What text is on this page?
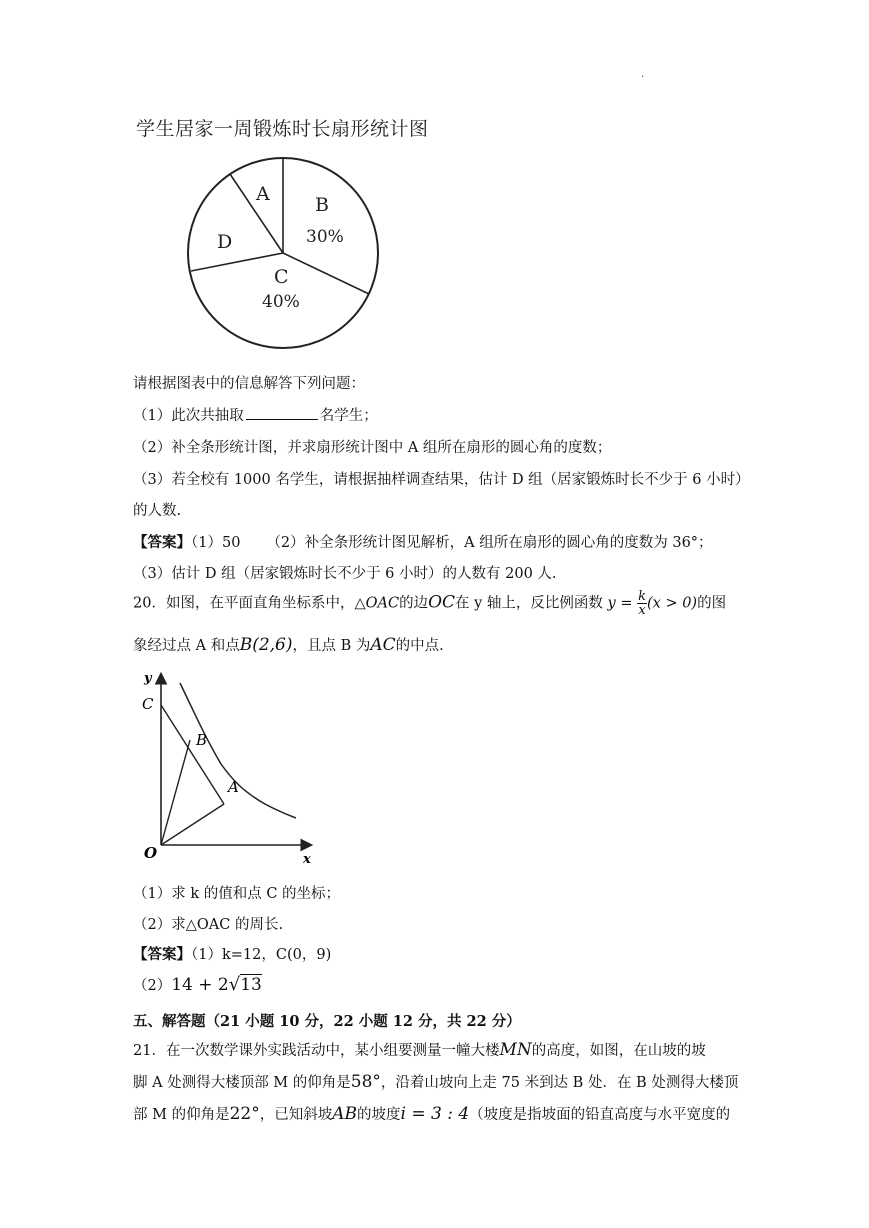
·
学生居家一周锻炼时长扇形统计图
A B
30%
C
40%
D
请根据图表中的信息解答下列问题：
（1）此次共抽取	名学生；
（2）补全条形统计图，并求扇形统计图中 A 组所在扇形的圆心角的度数；
（3）若全校有 1000 名学生，请根据抽样调查结果，估计 D 组（居家锻炼时长不少于 6 小时）
的人数.
【答案】（1）50 （2）补全条形统计图见解析，A 组所在扇形的圆心角的度数为 36°；
（3）估计 D 组（居家锻炼时长不少于 6 小时）的人数有 200 人.
20．如图，在平面直角坐标系中，△OAC的边OC在 y 轴上，反比例函数 $y = \frac{k}{x} (x > 0)$的图
象经过点 A 和点B(2,6)，且点 B 为AC的中点.
y
C
B
A
O	x
（1）求 k 的值和点 C 的坐标；
（2）求△OAC 的周长.
【答案】（1）k=12，C(0，9)
（2）14 + 2√13
五、解答题（21 小题 10 分，22 小题 12 分，共 22 分）
21．在一次数学课外实践活动中，某小组要测量一幢大楼MN的高度，如图，在山坡的坡
脚 A 处测得大楼顶部 M 的仰角是58°，沿着山坡向上走 75 米到达 B 处．在 B 处测得大楼顶
部 M 的仰角是22°，已知斜坡AB的坡度i = 3 : 4（坡度是指坡面的铅直高度与水平宽度的
